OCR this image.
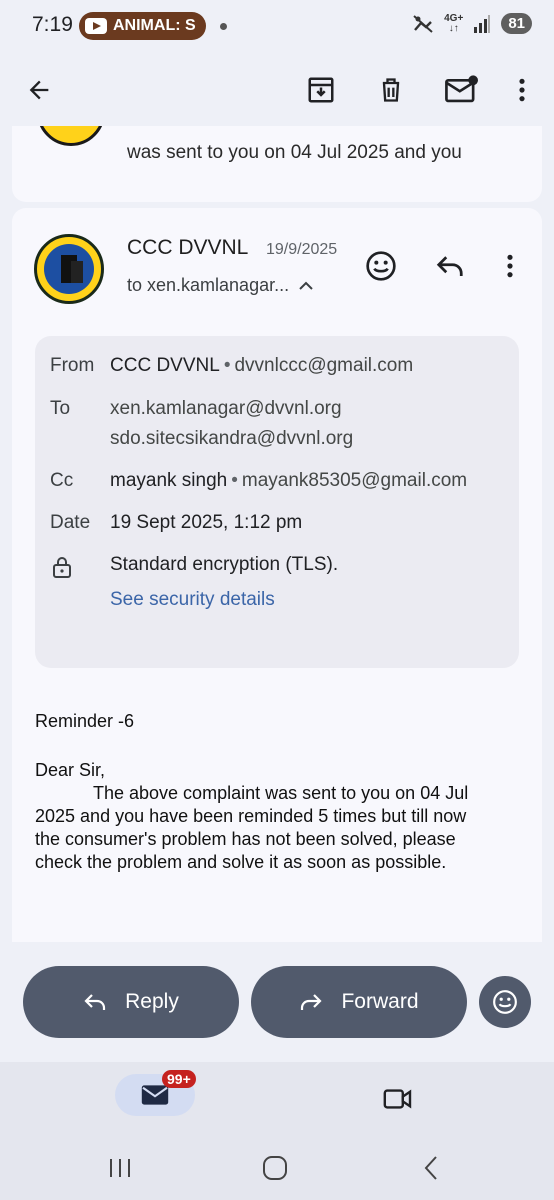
7:19	ANIMAL: S	4G+
↓↑	81
was sent to you on 04 Jul 2025 and you
CCC DVVNL 19/9/2025
to xen.kamlanagar...
From CCC DVVNL • dvvnlccc@gmail.com
To xen.kamlanagar@dvvnl.org
sdo.sitecsikandra@dvvnl.org
Cc mayank singh • mayank85305@gmail.com
Date 19 Sept 2025, 1:12 pm
Standard encryption (TLS).
See security details
Reminder -6
Dear Sir,
The above complaint was sent to you on 04 Jul
2025 and you have been reminded 5 times but till now
the consumer's problem has not been solved, please
check the problem and solve it as soon as possible.
Reply	Forward
99+
